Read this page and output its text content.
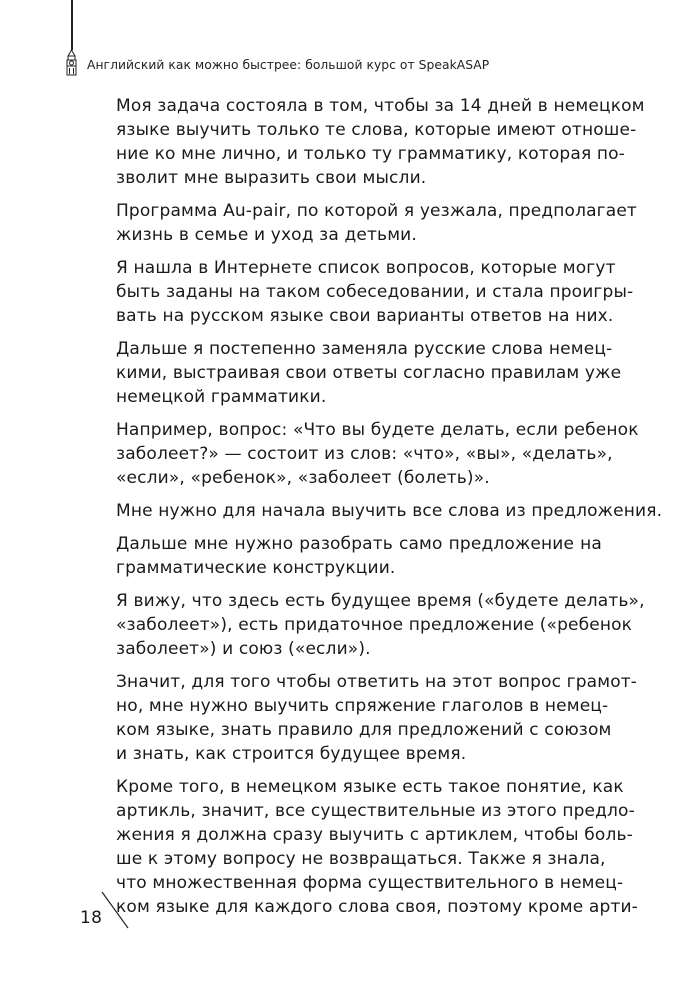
Английский как можно быстрее: большой курс от SpeakASAP
Моя задача состояла в том, чтобы за 14 дней в немецком
языке выучить только те слова, которые имеют отноше-
ние ко мне лично, и только ту грамматику, которая по-
зволит мне выразить свои мысли.
Программа Au-pair, по которой я уезжала, предполагает
жизнь в семье и уход за детьми.
Я нашла в Интернете список вопросов, которые могут
быть заданы на таком собеседовании, и стала проигры-
вать на русском языке свои варианты ответов на них.
Дальше я постепенно заменяла русские слова немец-
кими, выстраивая свои ответы согласно правилам уже
немецкой грамматики.
Например, вопрос: «Что вы будете делать, если ребенок
заболеет?» — состоит из слов: «что», «вы», «делать»,
«если», «ребенок», «заболеет (болеть)».
Мне нужно для начала выучить все слова из предложения.
Дальше мне нужно разобрать само предложение на
грамматические конструкции.
Я вижу, что здесь есть будущее время («будете делать»,
«заболеет»), есть придаточное предложение («ребенок
заболеет») и союз («если»).
Значит, для того чтобы ответить на этот вопрос грамот-
но, мне нужно выучить спряжение глаголов в немец-
ком языке, знать правило для предложений с союзом
и знать, как строится будущее время.
Кроме того, в немецком языке есть такое понятие, как
артикль, значит, все существительные из этого предло-
жения я должна сразу выучить с артиклем, чтобы боль-
ше к этому вопросу не возвращаться. Также я знала,
что множественная форма существительного в немец-
ком языке для каждого слова своя, поэтому кроме арти-
18
